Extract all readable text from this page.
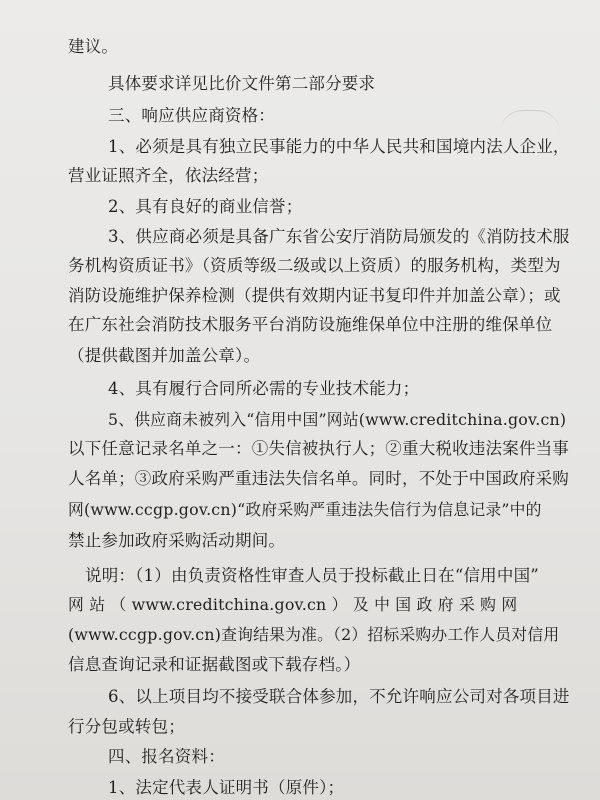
建议。
具体要求详见比价文件第二部分要求
三、响应供应商资格：
1、必须是具有独立民事能力的中华人民共和国境内法人企业，
营业证照齐全，依法经营；
2、具有良好的商业信誉；
3、供应商必须是具备广东省公安厅消防局颁发的《消防技术服
务机构资质证书》（资质等级二级或以上资质）的服务机构，类型为
消防设施维护保养检测（提供有效期内证书复印件并加盖公章）；或
在广东社会消防技术服务平台消防设施维保单位中注册的维保单位
（提供截图并加盖公章）。
4、具有履行合同所必需的专业技术能力；
5、供应商未被列入“信用中国”网站(www.creditchina.gov.cn)
以下任意记录名单之一：①失信被执行人；②重大税收违法案件当事
人名单；③政府采购严重违法失信名单。同时，不处于中国政府采购
网(www.ccgp.gov.cn)“政府采购严重违法失信行为信息记录”中的
禁止参加政府采购活动期间。
说明：（1）由负责资格性审查人员于投标截止日在“信用中国”
网 站 （ www.creditchina.gov.cn ） 及 中 国 政 府 采 购 网
(www.ccgp.gov.cn)查询结果为准。（2）招标采购办工作人员对信用
信息查询记录和证据截图或下载存档。）
6、以上项目均不接受联合体参加，不允许响应公司对各项目进
行分包或转包；
四、报名资料：
1、法定代表人证明书（原件）；
